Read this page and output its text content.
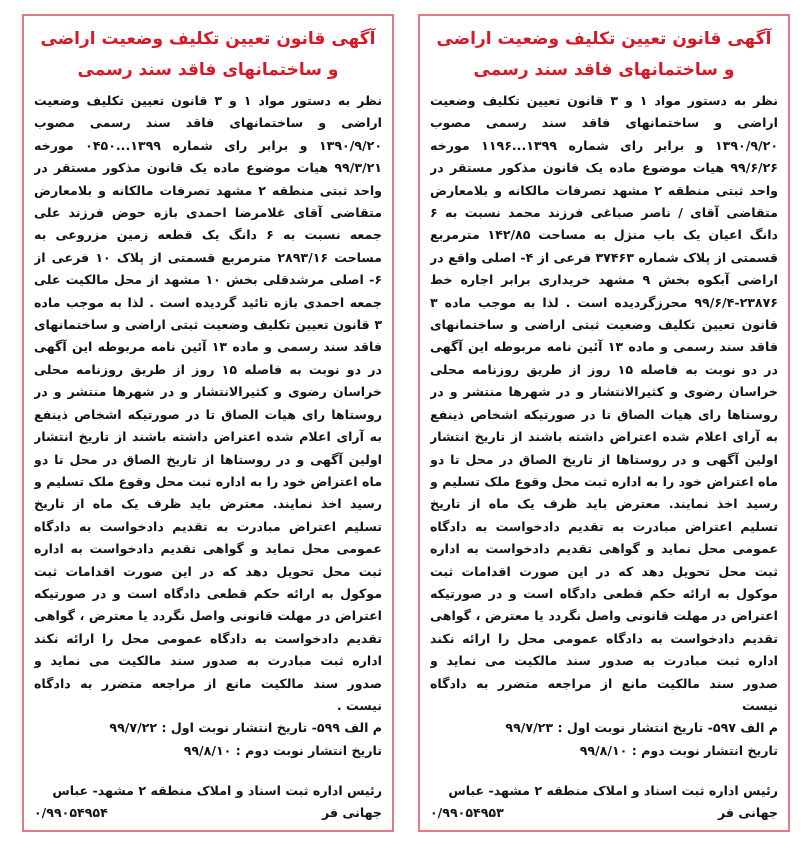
آگهی قانون تعیین تکلیف وضعیت اراضی

و ساختمانهای فاقد سند رسمی

نظر به دستور مواد ۱ و ۳ قانون تعیین تکلیف وضعیت اراضی و ساختمانهای فاقد سند رسمی مصوب ۱۳۹۰/۹/۲۰ و برابر رای شماره ۱۳۹۹...۱۱۹۶ مورخه ۹۹/۶/۲۶ هیات موضوع ماده یک قانون مذکور مستقر در واحد ثبتی منطقه ۲ مشهد تصرفات مالکانه و بلامعارض متقاضی آقای / ناصر صباغی فرزند محمد نسبت به ۶ دانگ اعیان یک باب منزل به مساحت ۱۴۲/۸۵ مترمربع قسمتی از پلاک شماره ۳۷۴۶۳ فرعی از ۴- اصلی واقع در اراضی آبکوه بخش ۹ مشهد خریداری برابر اجاره خط ۲۳۸۷۶-۹۹/۶/۴ محرزگردیده است . لذا به موجب ماده ۳ قانون تعیین تکلیف وضعیت ثبتی اراضی و ساختمانهای فاقد سند رسمی و ماده ۱۳ آئین نامه مربوطه این آگهی در دو نوبت به فاصله ۱۵ روز از طریق روزنامه محلی خراسان رضوی و کثیرالانتشار و در شهرها منتشر و در روستاها رای هیات الصاق تا در صورتیکه اشخاص ذینفع به آرای اعلام شده اعتراض داشته باشند از تاریخ انتشار اولین آگهی و در روستاها از تاریخ الصاق در محل تا دو ماه اعتراض خود را به اداره ثبت محل وقوع ملک تسلیم و رسید اخذ نمایند. معترض باید ظرف یک ماه از تاریخ تسلیم اعتراض مبادرت به تقدیم دادخواست به دادگاه عمومی محل نماید و گواهی تقدیم دادخواست به اداره ثبت محل تحویل دهد که در این صورت اقدامات ثبت موکول به ارائه حکم قطعی دادگاه است و در صورتیکه اعتراض در مهلت قانونی واصل نگردد یا معترض ، گواهی تقدیم دادخواست به دادگاه عمومی محل را ارائه نکند اداره ثبت مبادرت به صدور سند مالکیت می نماید و صدور سند مالکیت مانع از مراجعه متضرر به دادگاه نیست

م الف ۵۹۷- تاریخ انتشار نوبت اول : ۹۹/۷/۲۳

تاریخ انتشار نوبت دوم : ۹۹/۸/۱۰

رئیس اداره ثبت اسناد و املاک منطقه ۲ مشهد- عباس
جهانی فر
۰/۹۹۰۵۴۹۵۳

آگهی قانون تعیین تکلیف وضعیت اراضی

و ساختمانهای فاقد سند رسمی

نظر به دستور مواد ۱ و ۳ قانون تعیین تکلیف وضعیت اراضی و ساختمانهای فاقد سند رسمی مصوب ۱۳۹۰/۹/۲۰ و برابر رای شماره ۱۳۹۹...۰۴۵۰ مورخه ۹۹/۳/۲۱ هیات موضوع ماده یک قانون مذکور مستقر در واحد ثبتی منطقه ۲ مشهد تصرفات مالکانه و بلامعارض متقاضی آقای غلامرضا احمدی بازه حوض فرزند علی جمعه نسبت به ۶ دانگ یک قطعه زمین مزروعی به مساحت ۲۸۹۳/۱۶ مترمربع قسمتی از پلاک ۱۰ فرعی از ۶- اصلی مرشدقلی بخش ۱۰ مشهد از محل مالکیت علی جمعه احمدی بازه تائید گردیده است . لذا به موجب ماده ۳ قانون تعیین تکلیف وضعیت ثبتی اراضی و ساختمانهای فاقد سند رسمی و ماده ۱۳ آئین نامه مربوطه این آگهی در دو نوبت به فاصله ۱۵ روز از طریق روزنامه محلی خراسان رضوی و کثیرالانتشار و در شهرها منتشر و در روستاها رای هیات الصاق تا در صورتیکه اشخاص ذینفع به آرای اعلام شده اعتراض داشته باشند از تاریخ انتشار اولین آگهی و در روستاها از تاریخ الصاق در محل تا دو ماه اعتراض خود را به اداره ثبت محل وقوع ملک تسلیم و رسید اخذ نمایند. معترض باید ظرف یک ماه از تاریخ تسلیم اعتراض مبادرت به تقدیم دادخواست به دادگاه عمومی محل نماید و گواهی تقدیم دادخواست به اداره ثبت محل تحویل دهد که در این صورت اقدامات ثبت موکول به ارائه حکم قطعی دادگاه است و در صورتیکه اعتراض در مهلت قانونی واصل نگردد یا معترض ، گواهی تقدیم دادخواست به دادگاه عمومی محل را ارائه نکند اداره ثبت مبادرت به صدور سند مالکیت می نماید و صدور سند مالکیت مانع از مراجعه متضرر به دادگاه نیست .

م الف ۵۹۹- تاریخ انتشار نوبت اول : ۹۹/۷/۲۲

تاریخ انتشار نوبت دوم : ۹۹/۸/۱۰

رئیس اداره ثبت اسناد و املاک منطقه ۲ مشهد- عباس
جهانی فر
۰/۹۹۰۵۴۹۵۴
